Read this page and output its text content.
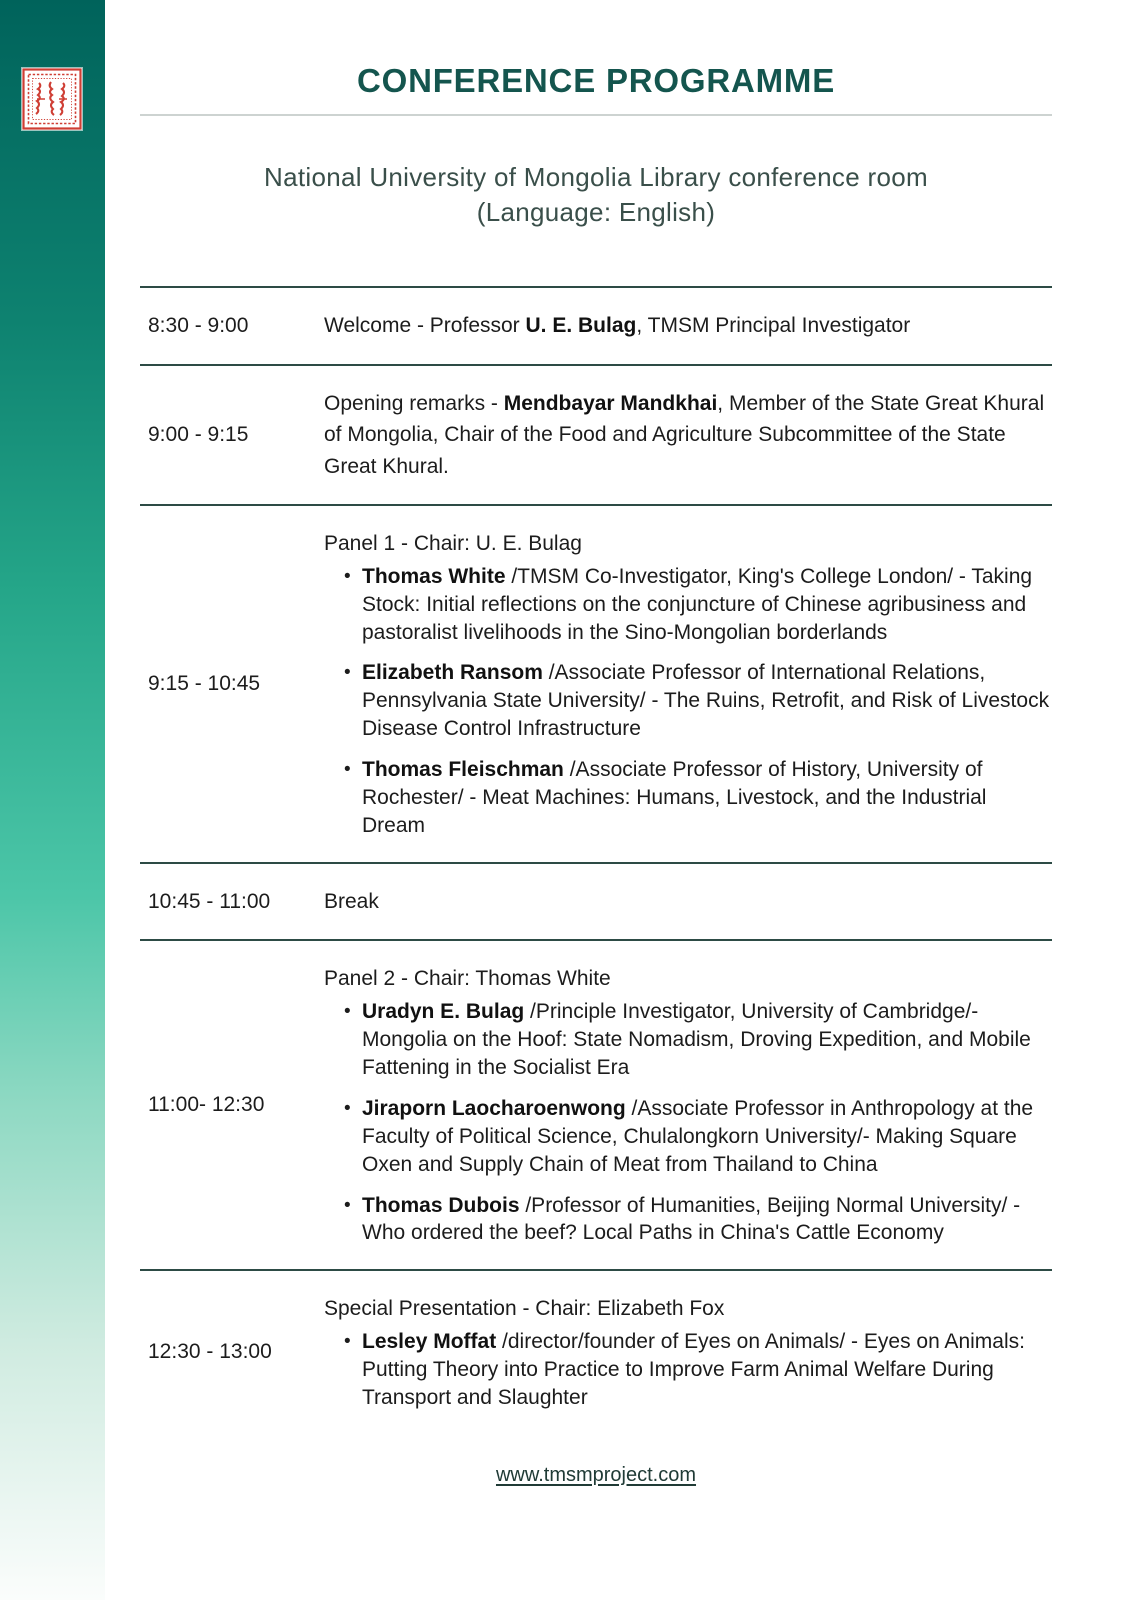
CONFERENCE PROGRAMME

National University of Mongolia Library conference room
(Language: English)

8:30 - 9:00	Welcome - Professor U. E. Bulag, TMSM Principal Investigator
9:00 - 9:15
Opening remarks - Mendbayar Mandkhai, Member of the State Great Khural of Mongolia, Chair of the Food and Agriculture Subcommittee of the State Great Khural.
9:15 - 10:45
Panel 1 - Chair: U. E. Bulag
• Thomas White /TMSM Co-Investigator, King's College London/ - Taking Stock: Initial reflections on the conjuncture of Chinese agribusiness and pastoralist livelihoods in the Sino-Mongolian borderlands
• Elizabeth Ransom /Associate Professor of International Relations, Pennsylvania State University/ - The Ruins, Retrofit, and Risk of Livestock Disease Control Infrastructure
• Thomas Fleischman /Associate Professor of History, University of Rochester/ - Meat Machines: Humans, Livestock, and the Industrial Dream
10:45 - 11:00	Break
11:00- 12:30
Panel 2 - Chair: Thomas White
• Uradyn E. Bulag /Principle Investigator, University of Cambridge/- Mongolia on the Hoof: State Nomadism, Droving Expedition, and Mobile Fattening in the Socialist Era
• Jiraporn Laocharoenwong /Associate Professor in Anthropology at the Faculty of Political Science, Chulalongkorn University/- Making Square Oxen and Supply Chain of Meat from Thailand to China
• Thomas Dubois /Professor of Humanities, Beijing Normal University/ - Who ordered the beef? Local Paths in China's Cattle Economy
12:30 - 13:00
Special Presentation - Chair: Elizabeth Fox
• Lesley Moffat /director/founder of Eyes on Animals/ - Eyes on Animals: Putting Theory into Practice to Improve Farm Animal Welfare During Transport and Slaughter
www.tmsmproject.com
